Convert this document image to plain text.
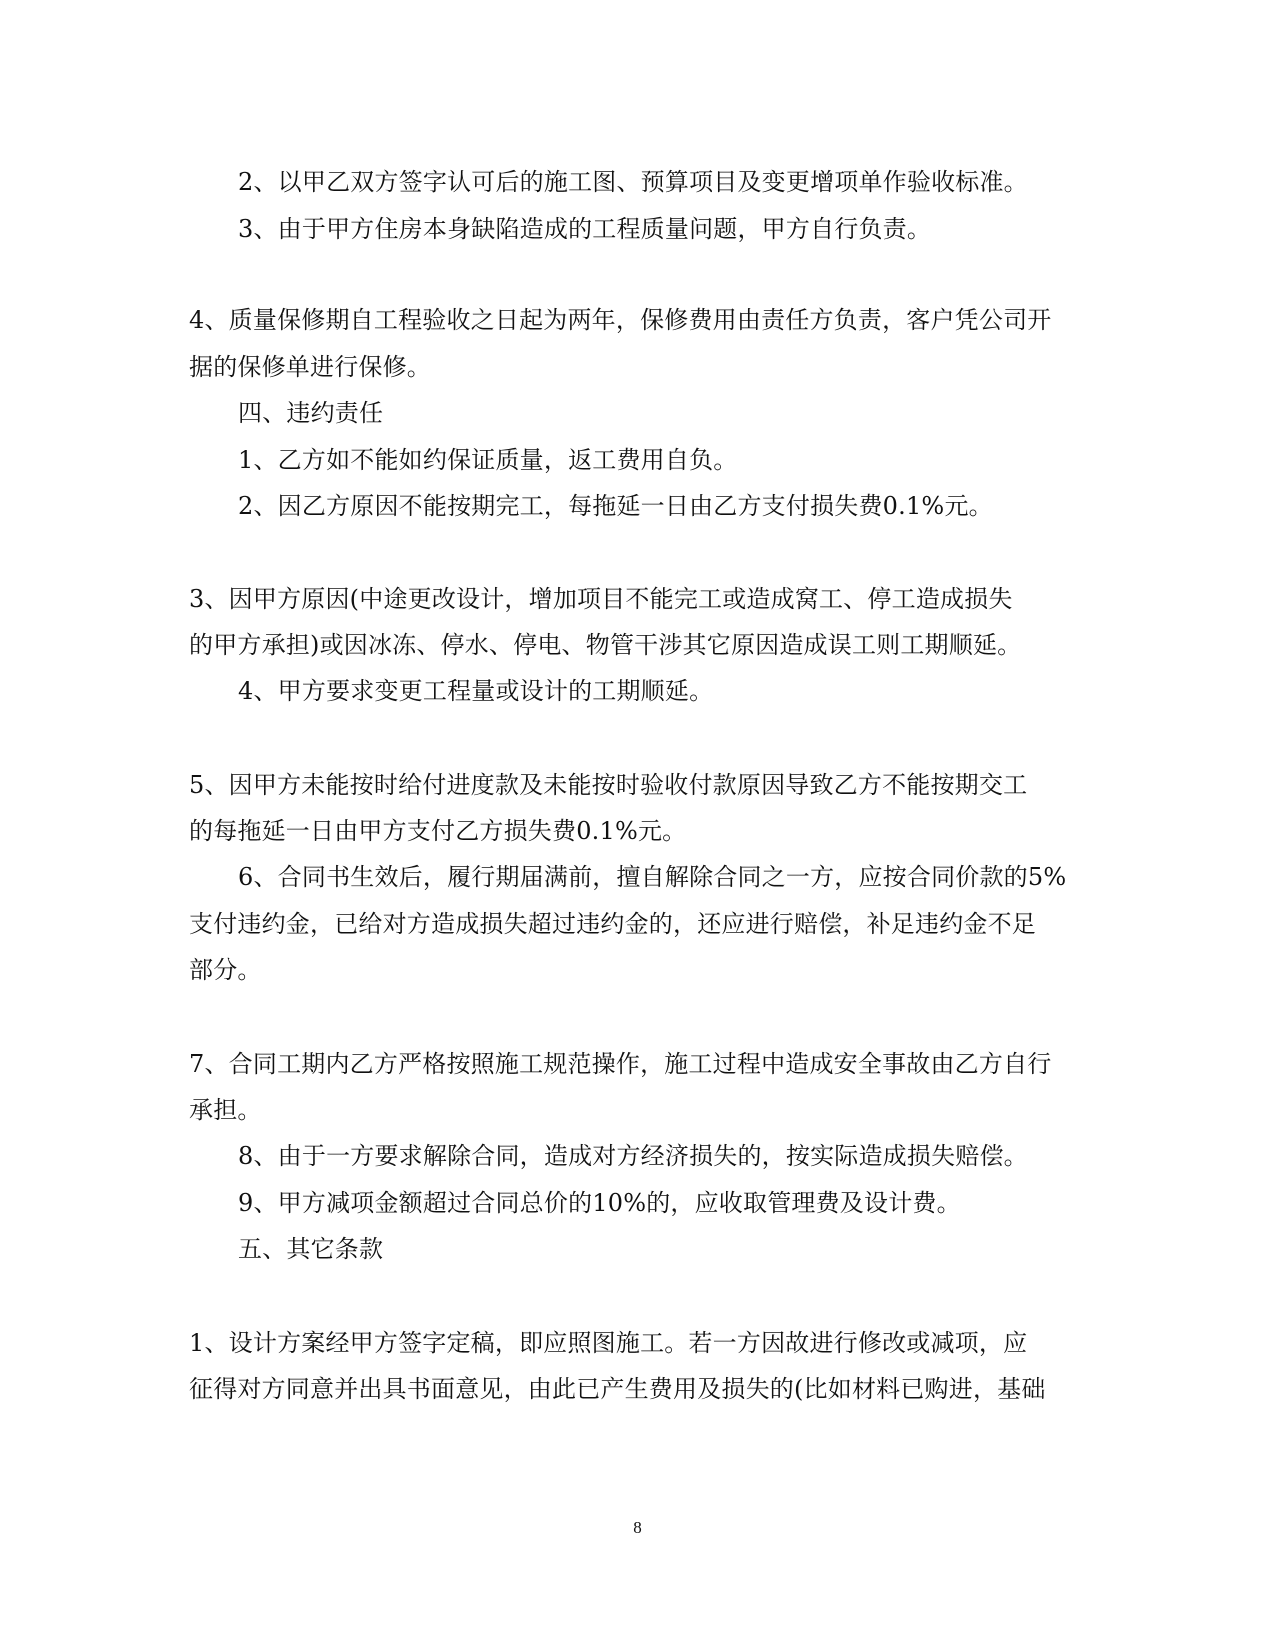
2、以甲乙双方签字认可后的施工图、预算项目及变更增项单作验收标准。
3、由于甲方住房本身缺陷造成的工程质量问题，甲方自行负责。
4、质量保修期自工程验收之日起为两年，保修费用由责任方负责，客户凭公司开
据的保修单进行保修。
四、违约责任
1、乙方如不能如约保证质量，返工费用自负。
2、因乙方原因不能按期完工，每拖延一日由乙方支付损失费0.1%元。
3、因甲方原因(中途更改设计，增加项目不能完工或造成窝工、停工造成损失
的甲方承担)或因冰冻、停水、停电、物管干涉其它原因造成误工则工期顺延。
4、甲方要求变更工程量或设计的工期顺延。
5、因甲方未能按时给付进度款及未能按时验收付款原因导致乙方不能按期交工
的每拖延一日由甲方支付乙方损失费0.1%元。
6、合同书生效后，履行期届满前，擅自解除合同之一方，应按合同价款的5%
支付违约金，已给对方造成损失超过违约金的，还应进行赔偿，补足违约金不足
部分。
7、合同工期内乙方严格按照施工规范操作，施工过程中造成安全事故由乙方自行
承担。
8、由于一方要求解除合同，造成对方经济损失的，按实际造成损失赔偿。
9、甲方减项金额超过合同总价的10%的，应收取管理费及设计费。
五、其它条款
1、设计方案经甲方签字定稿，即应照图施工。若一方因故进行修改或减项，应
征得对方同意并出具书面意见，由此已产生费用及损失的(比如材料已购进，基础
8
